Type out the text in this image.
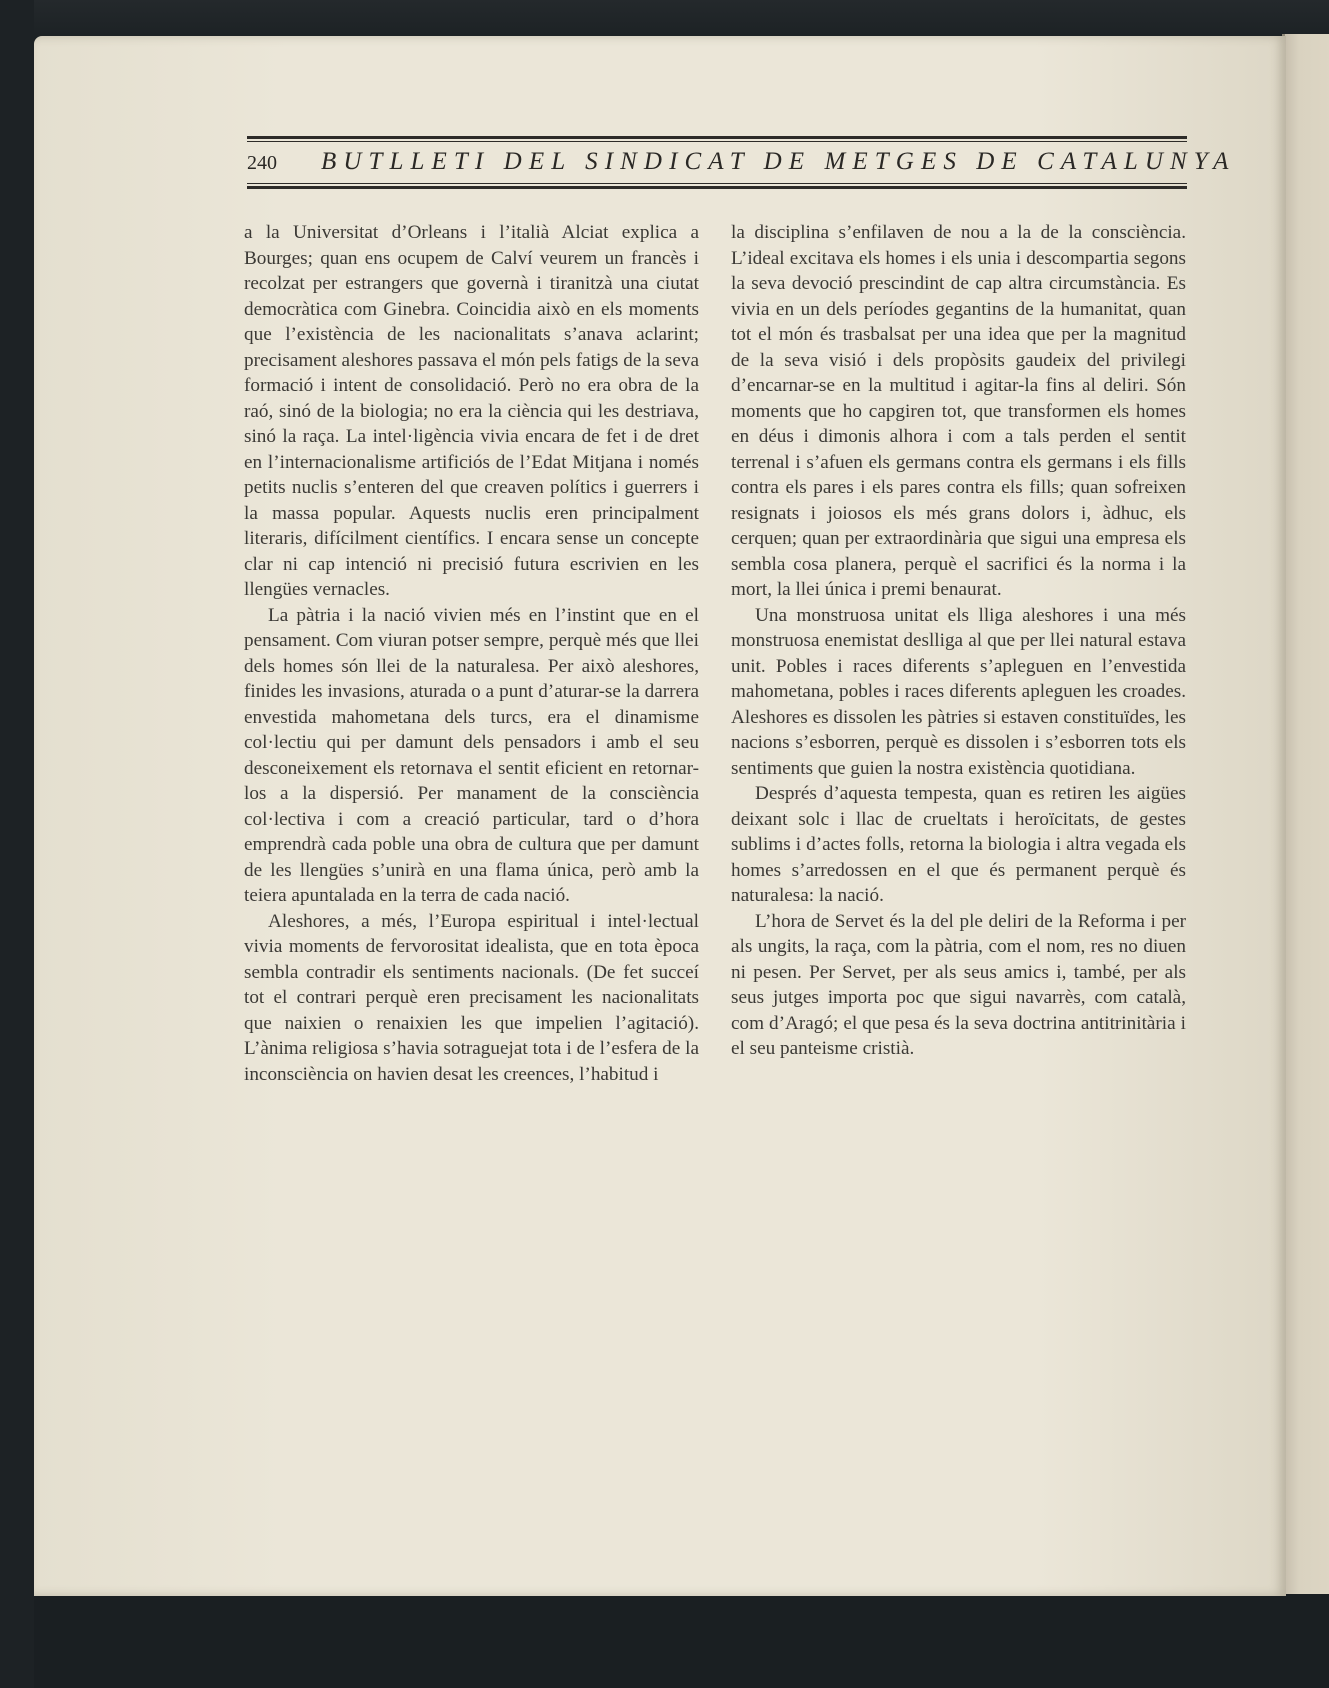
240 BUTLLETI DEL SINDICAT DE METGES DE CATALUNYA

a la Universitat d’Orleans i l’italià Alciat explica a Bourges; quan ens ocupem de Calví veurem un francès i recolzat per estrangers que governà i tiranitzà una ciutat democràtica com Ginebra. Coincidia això en els moments que l’existència de les nacionalitats s’anava aclarint; precisament aleshores passava el món pels fatigs de la seva formació i intent de consolidació. Però no era obra de la raó, sinó de la biologia; no era la ciència qui les destriava, sinó la raça. La intel·ligència vivia encara de fet i de dret en l’internacionalisme artificiós de l’Edat Mitjana i només petits nuclis s’enteren del que creaven polítics i guerrers i la massa popular. Aquests nuclis eren principalment literaris, difícilment científics. I encara sense un concepte clar ni cap intenció ni precisió futura escrivien en les llengües vernacles.

La pàtria i la nació vivien més en l’instint que en el pensament. Com viuran potser sempre, perquè més que llei dels homes són llei de la naturalesa. Per això aleshores, finides les invasions, aturada o a punt d’aturar-se la darrera envestida mahometana dels turcs, era el dinamisme col·lectiu qui per damunt dels pensadors i amb el seu desconeixement els retornava el sentit eficient en retornar-los a la dispersió. Per manament de la consciència col·lectiva i com a creació particular, tard o d’hora emprendrà cada poble una obra de cultura que per damunt de les llengües s’unirà en una flama única, però amb la teiera apuntalada en la terra de cada nació.

Aleshores, a més, l’Europa espiritual i intel·lectual vivia moments de fervorositat idealista, que en tota època sembla contradir els sentiments nacionals. (De fet succeí tot el contrari perquè eren precisament les nacionalitats que naixien o renaixien les que impelien l’agitació). L’ànima religiosa s’havia sotraguejat tota i de l’esfera de la inconsciència on havien desat les creences, l’habitud i

la disciplina s’enfilaven de nou a la de la consciència. L’ideal excitava els homes i els unia i descompartia segons la seva devoció prescindint de cap altra circumstància. Es vivia en un dels períodes gegantins de la humanitat, quan tot el món és trasbalsat per una idea que per la magnitud de la seva visió i dels propòsits gaudeix del privilegi d’encarnar-se en la multitud i agitar-la fins al deliri. Són moments que ho capgiren tot, que transformen els homes en déus i dimonis alhora i com a tals perden el sentit terrenal i s’afuen els germans contra els germans i els fills contra els pares i els pares contra els fills; quan sofreixen resignats i joiosos els més grans dolors i, àdhuc, els cerquen; quan per extraordinària que sigui una empresa els sembla cosa planera, perquè el sacrifici és la norma i la mort, la llei única i premi benaurat.

Una monstruosa unitat els lliga aleshores i una més monstruosa enemistat deslliga al que per llei natural estava unit. Pobles i races diferents s’apleguen en l’envestida mahometana, pobles i races diferents apleguen les croades. Aleshores es dissolen les pàtries si estaven constituïdes, les nacions s’esborren, perquè es dissolen i s’esborren tots els sentiments que guien la nostra existència quotidiana.

Després d’aquesta tempesta, quan es retiren les aigües deixant solc i llac de crueltats i heroïcitats, de gestes sublims i d’actes folls, retorna la biologia i altra vegada els homes s’arredossen en el que és permanent perquè és naturalesa: la nació.

L’hora de Servet és la del ple deliri de la Reforma i per als ungits, la raça, com la pàtria, com el nom, res no diuen ni pesen. Per Servet, per als seus amics i, també, per als seus jutges importa poc que sigui navarrès, com català, com d’Aragó; el que pesa és la seva doctrina antitrinitària i el seu panteisme cristià.
